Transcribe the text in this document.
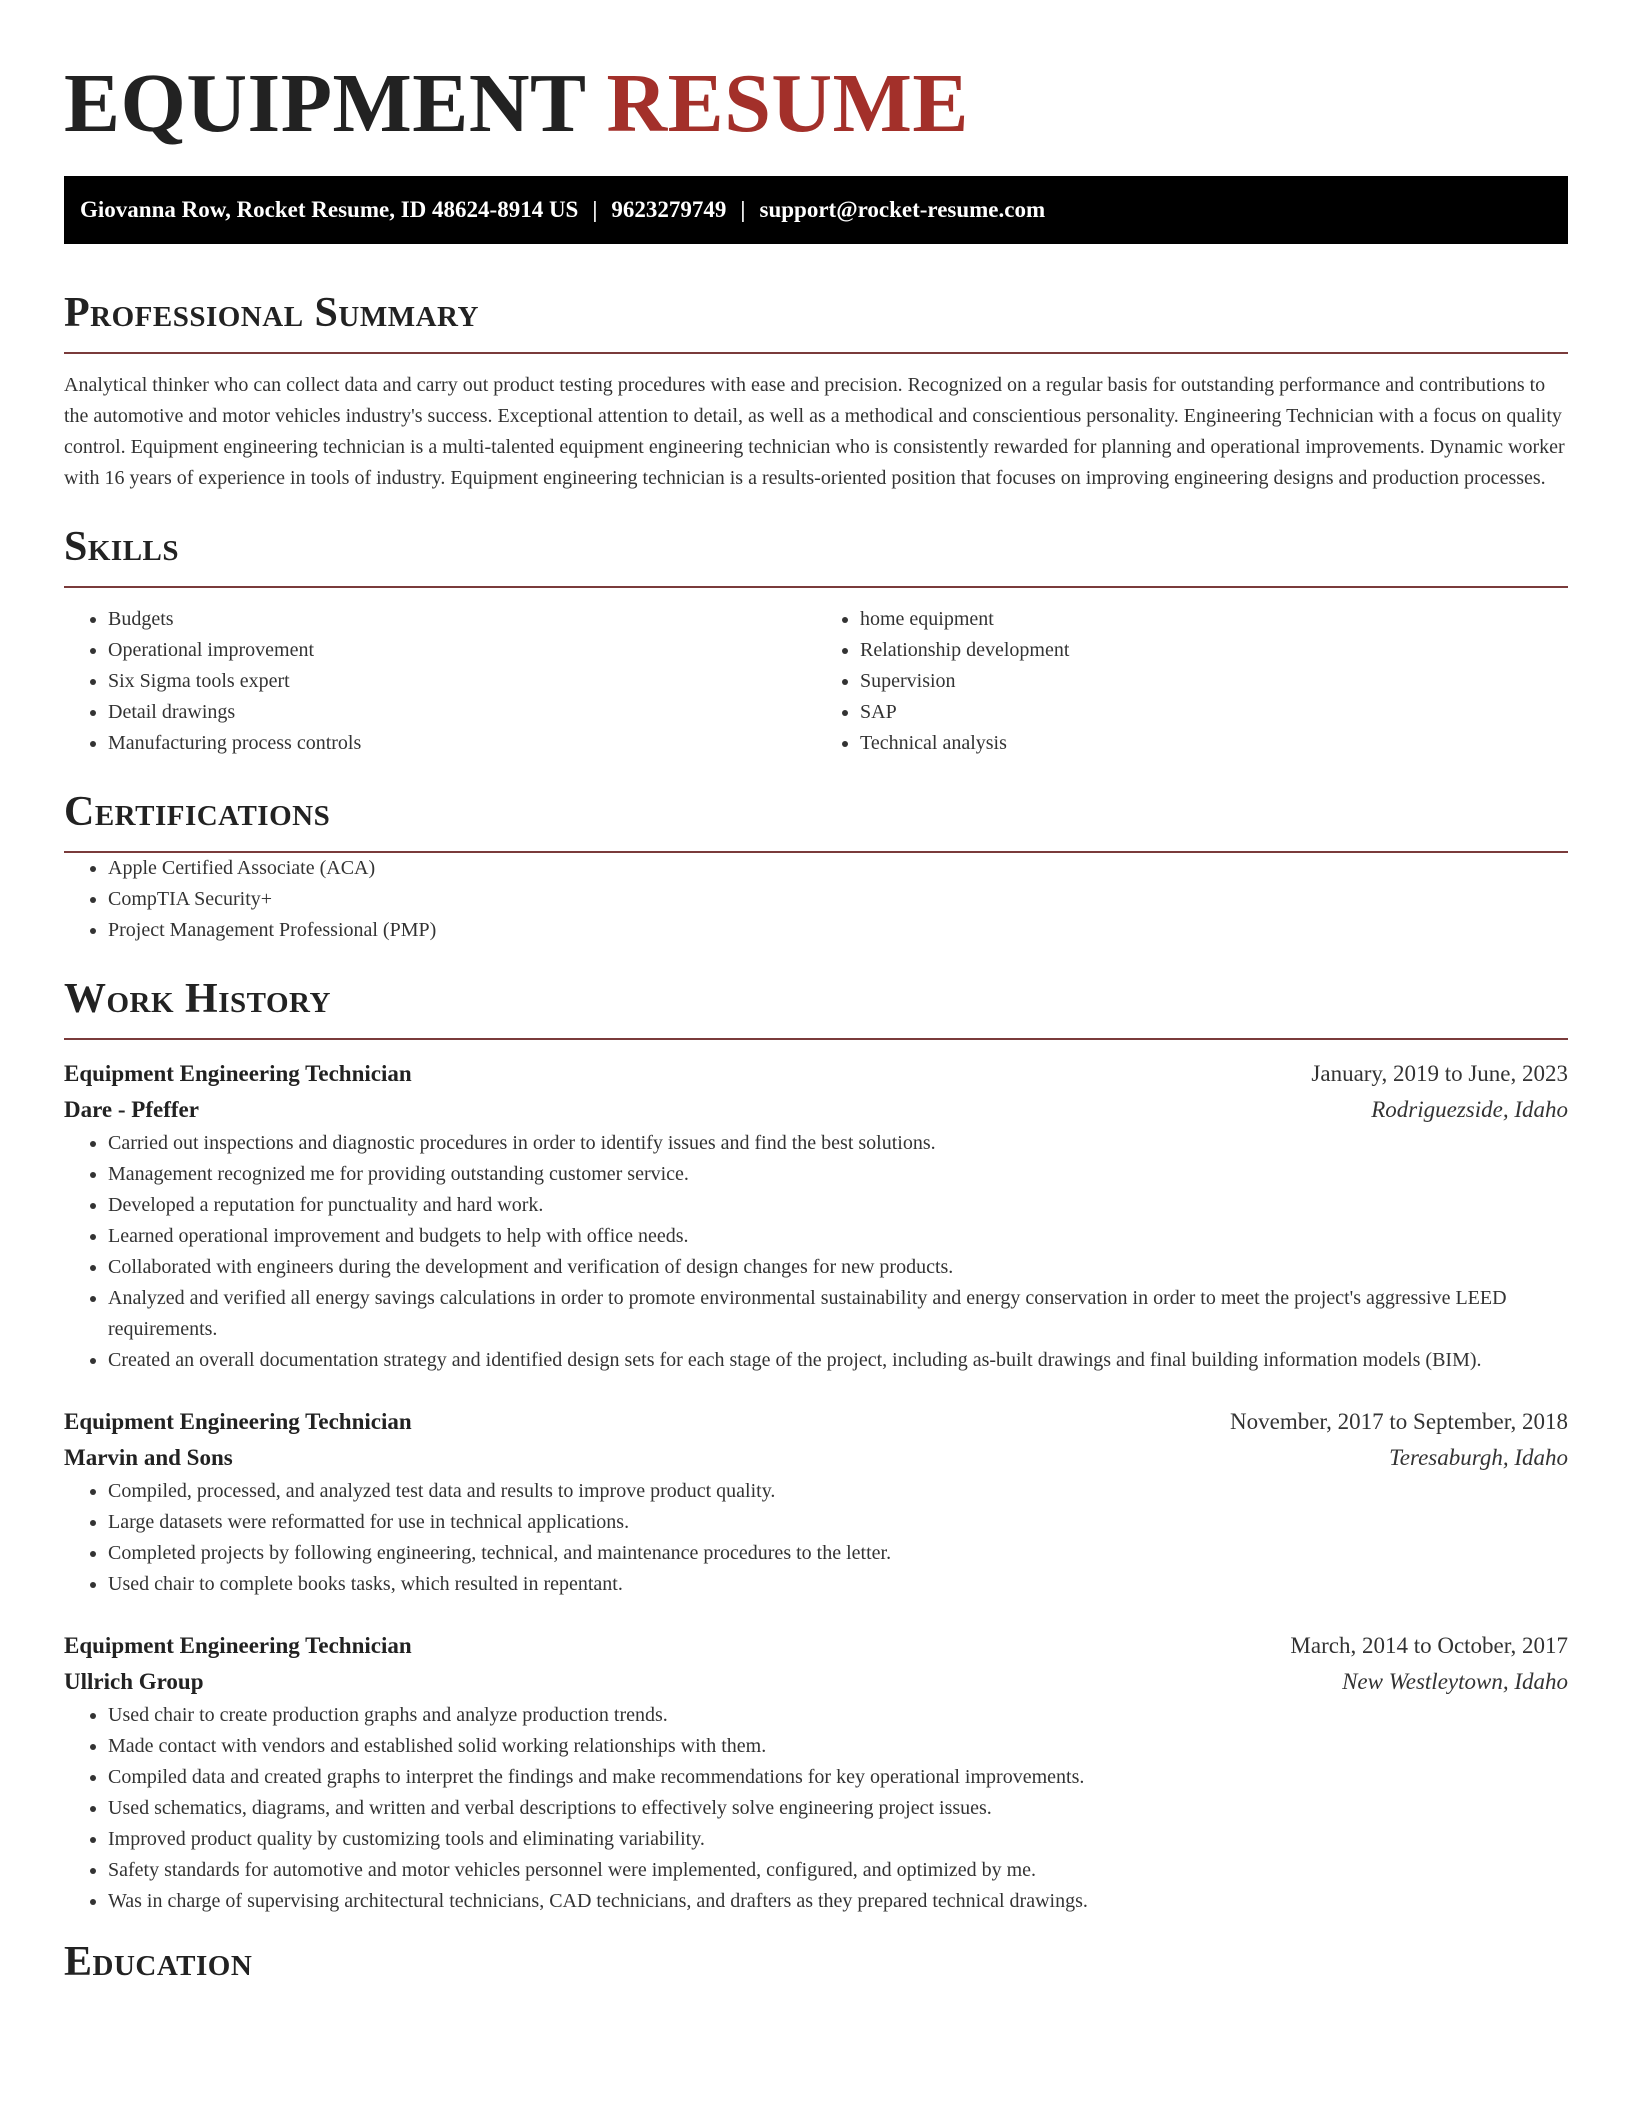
EQUIPMENT RESUME
Giovanna Row, Rocket Resume, ID 48624-8914 US | 9623279749 | support@rocket-resume.com
Professional Summary

Analytical thinker who can collect data and carry out product testing procedures with ease and precision. Recognized on a regular basis for outstanding performance and contributions to the automotive and motor vehicles industry's success. Exceptional attention to detail, as well as a methodical and conscientious personality. Engineering Technician with a focus on quality control. Equipment engineering technician is a multi-talented equipment engineering technician who is consistently rewarded for planning and operational improvements. Dynamic worker with 16 years of experience in tools of industry. Equipment engineering technician is a results-oriented position that focuses on improving engineering designs and production processes.

Skills
• Budgets
• Operational improvement
• Six Sigma tools expert
• Detail drawings
• Manufacturing process controls
• home equipment
• Relationship development
• Supervision
• SAP
• Technical analysis
Certifications
• Apple Certified Associate (ACA)
• CompTIA Security+
• Project Management Professional (PMP)
Work History
Equipment Engineering Technician	January, 2019 to June, 2023
Dare - Pfeffer	Rodriguezside, Idaho
• Carried out inspections and diagnostic procedures in order to identify issues and find the best solutions.
• Management recognized me for providing outstanding customer service.
• Developed a reputation for punctuality and hard work.
• Learned operational improvement and budgets to help with office needs.
• Collaborated with engineers during the development and verification of design changes for new products.
• Analyzed and verified all energy savings calculations in order to promote environmental sustainability and energy conservation in order to meet the project's aggressive LEED requirements.
• Created an overall documentation strategy and identified design sets for each stage of the project, including as-built drawings and final building information models (BIM).
Equipment Engineering Technician	November, 2017 to September, 2018
Marvin and Sons	Teresaburgh, Idaho
• Compiled, processed, and analyzed test data and results to improve product quality.
• Large datasets were reformatted for use in technical applications.
• Completed projects by following engineering, technical, and maintenance procedures to the letter.
• Used chair to complete books tasks, which resulted in repentant.
Equipment Engineering Technician	March, 2014 to October, 2017
Ullrich Group	New Westleytown, Idaho
• Used chair to create production graphs and analyze production trends.
• Made contact with vendors and established solid working relationships with them.
• Compiled data and created graphs to interpret the findings and make recommendations for key operational improvements.
• Used schematics, diagrams, and written and verbal descriptions to effectively solve engineering project issues.
• Improved product quality by customizing tools and eliminating variability.
• Safety standards for automotive and motor vehicles personnel were implemented, configured, and optimized by me.
• Was in charge of supervising architectural technicians, CAD technicians, and drafters as they prepared technical drawings.
Education
